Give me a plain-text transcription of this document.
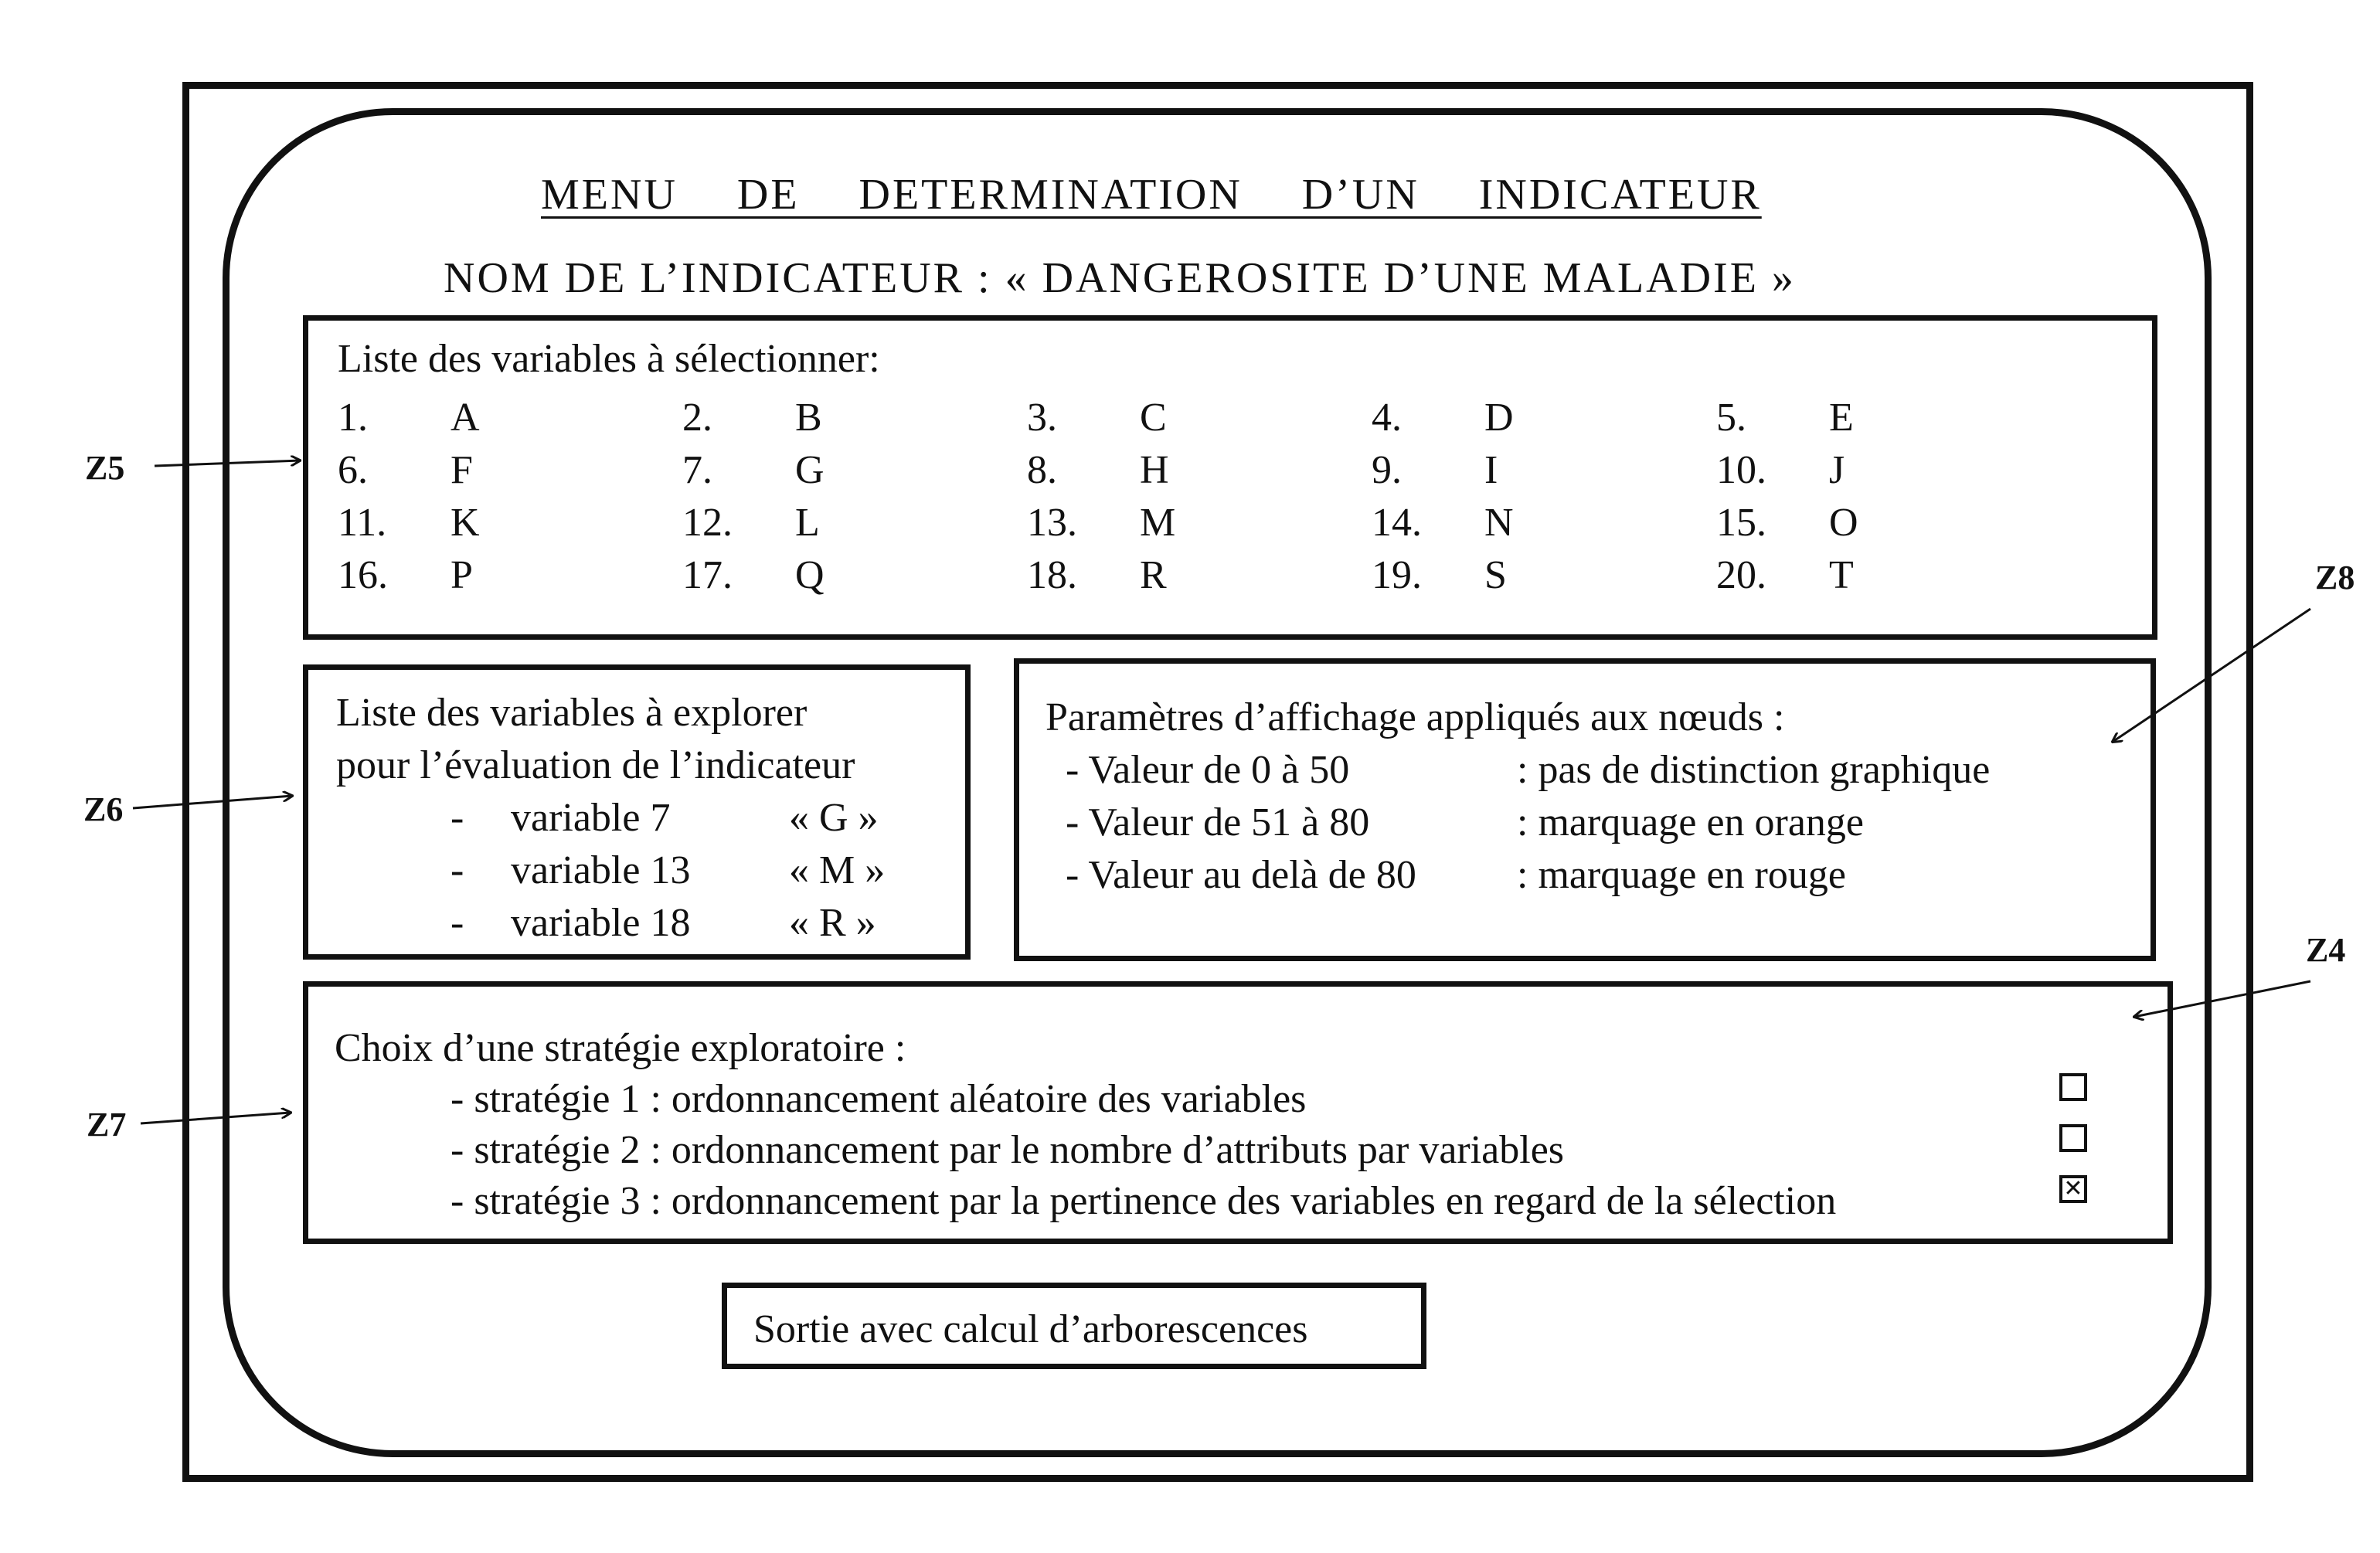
MENU DE DETERMINATION D’UN INDICATEUR
NOM DE L’INDICATEUR : « DANGEROSITE D’UNE MALADIE »
Liste des variables à sélectionner:
1. A	2. B	3. C	4. D	5. E
6. F	7. G	8. H	9. I	10. J
11. K	12. L	13. M	14. N	15. O
16. P	17. Q	18. R	19. S	20. T
Liste des variables à explorer
pour l’évaluation de l’indicateur
- variable 7	« G »
- variable 13 « M »
- variable 18 « R »
Paramètres d’affichage appliqués aux nœuds :
- Valeur de 0 à 50	: pas de distinction graphique
- Valeur de 51 à 80	: marquage en orange
- Valeur au delà de 80	: marquage en rouge
Choix d’une stratégie exploratoire :
- stratégie 1 : ordonnancement aléatoire des variables
- stratégie 2 : ordonnancement par le nombre d’attributs par variables
- stratégie 3 : ordonnancement par la pertinence des variables en regard de la sélection	✕
Sortie avec calcul d’arborescences
Z5
Z6
Z8
Z7
Z4
